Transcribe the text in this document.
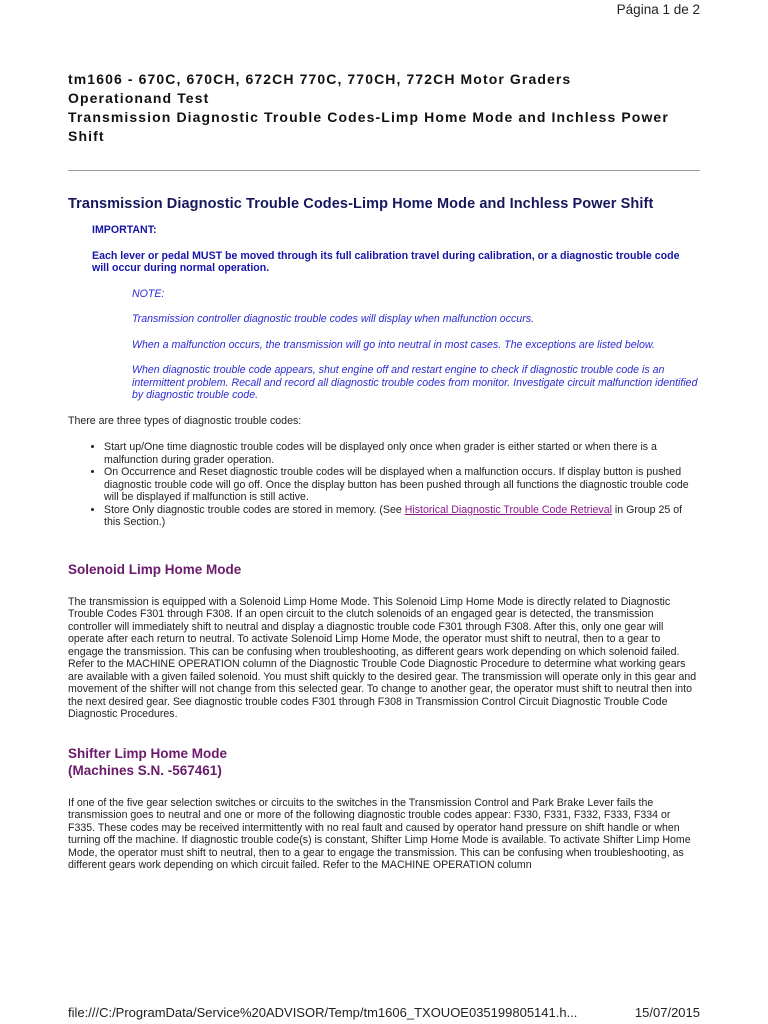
Página 1 de 2
tm1606 - 670C, 670CH, 672CH 770C, 770CH, 772CH Motor Graders
Operationand Test
Transmission Diagnostic Trouble Codes-Limp Home Mode and Inchless Power Shift
Transmission Diagnostic Trouble Codes-Limp Home Mode and Inchless Power Shift

IMPORTANT:

Each lever or pedal MUST be moved through its full calibration travel during calibration, or a diagnostic trouble code will occur during normal operation.

NOTE:

Transmission controller diagnostic trouble codes will display when malfunction occurs.

When a malfunction occurs, the transmission will go into neutral in most cases. The exceptions are listed below.

When diagnostic trouble code appears, shut engine off and restart engine to check if diagnostic trouble code is an intermittent problem. Recall and record all diagnostic trouble codes from monitor. Investigate circuit malfunction identified by diagnostic trouble code.

There are three types of diagnostic trouble codes:

• Start up/One time diagnostic trouble codes will be displayed only once when grader is either started or when there is a malfunction during grader operation.
• On Occurrence and Reset diagnostic trouble codes will be displayed when a malfunction occurs. If display button is pushed diagnostic trouble code will go off. Once the display button has been pushed through all functions the diagnostic trouble code will be displayed if malfunction is still active.
• Store Only diagnostic trouble codes are stored in memory. (See Historical Diagnostic Trouble Code Retrieval in Group 25 of this Section.)
Solenoid Limp Home Mode

The transmission is equipped with a Solenoid Limp Home Mode. This Solenoid Limp Home Mode is directly related to Diagnostic Trouble Codes F301 through F308. If an open circuit to the clutch solenoids of an engaged gear is detected, the transmission controller will immediately shift to neutral and display a diagnostic trouble code F301 through F308. After this, only one gear will operate after each return to neutral. To activate Solenoid Limp Home Mode, the operator must shift to neutral, then to a gear to engage the transmission. This can be confusing when troubleshooting, as different gears work depending on which solenoid failed. Refer to the MACHINE OPERATION column of the Diagnostic Trouble Code Diagnostic Procedure to determine what working gears are available with a given failed solenoid. You must shift quickly to the desired gear. The transmission will operate only in this gear and movement of the shifter will not change from this selected gear. To change to another gear, the operator must shift to neutral then into the next desired gear. See diagnostic trouble codes F301 through F308 in Transmission Control Circuit Diagnostic Trouble Code Diagnostic Procedures.

Shifter Limp Home Mode
(Machines S.N. -567461)

If one of the five gear selection switches or circuits to the switches in the Transmission Control and Park Brake Lever fails the transmission goes to neutral and one or more of the following diagnostic trouble codes appear: F330, F331, F332, F333, F334 or F335. These codes may be received intermittently with no real fault and caused by operator hand pressure on shift handle or when turning off the machine. If diagnostic trouble code(s) is constant, Shifter Limp Home Mode is available. To activate Shifter Limp Home Mode, the operator must shift to neutral, then to a gear to engage the transmission. This can be confusing when troubleshooting, as different gears work depending on which circuit failed. Refer to the MACHINE OPERATION column

file:///C:/ProgramData/Service%20ADVISOR/Temp/tm1606_TXOUOE035199805141.h...	15/07/2015
